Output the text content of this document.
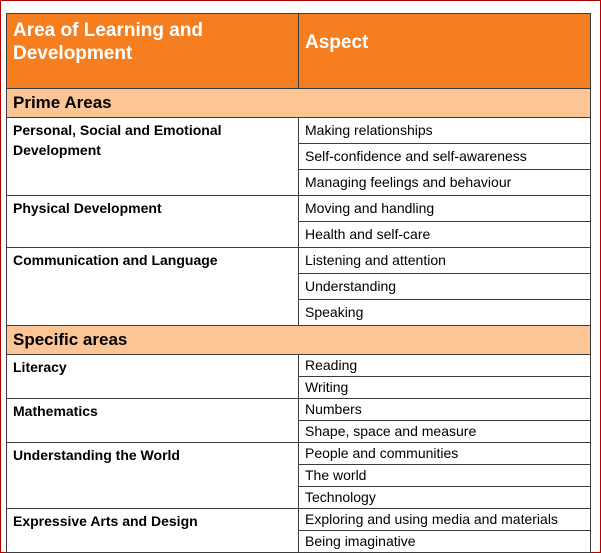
Area of Learning and Development	Aspect
Prime Areas	
Personal, Social and Emotional Development	Making relationships
	Self-confidence and self-awareness
	Managing feelings and behaviour
Physical Development	Moving and handling
	Health and self-care
Communication and Language	Listening and attention
	Understanding
	Speaking
Specific areas	
Literacy	Reading
	Writing
Mathematics	Numbers
	Shape, space and measure
Understanding the World	People and communities
	The world
	Technology
Expressive Arts and Design	Exploring and using media and materials
	Being imaginative
